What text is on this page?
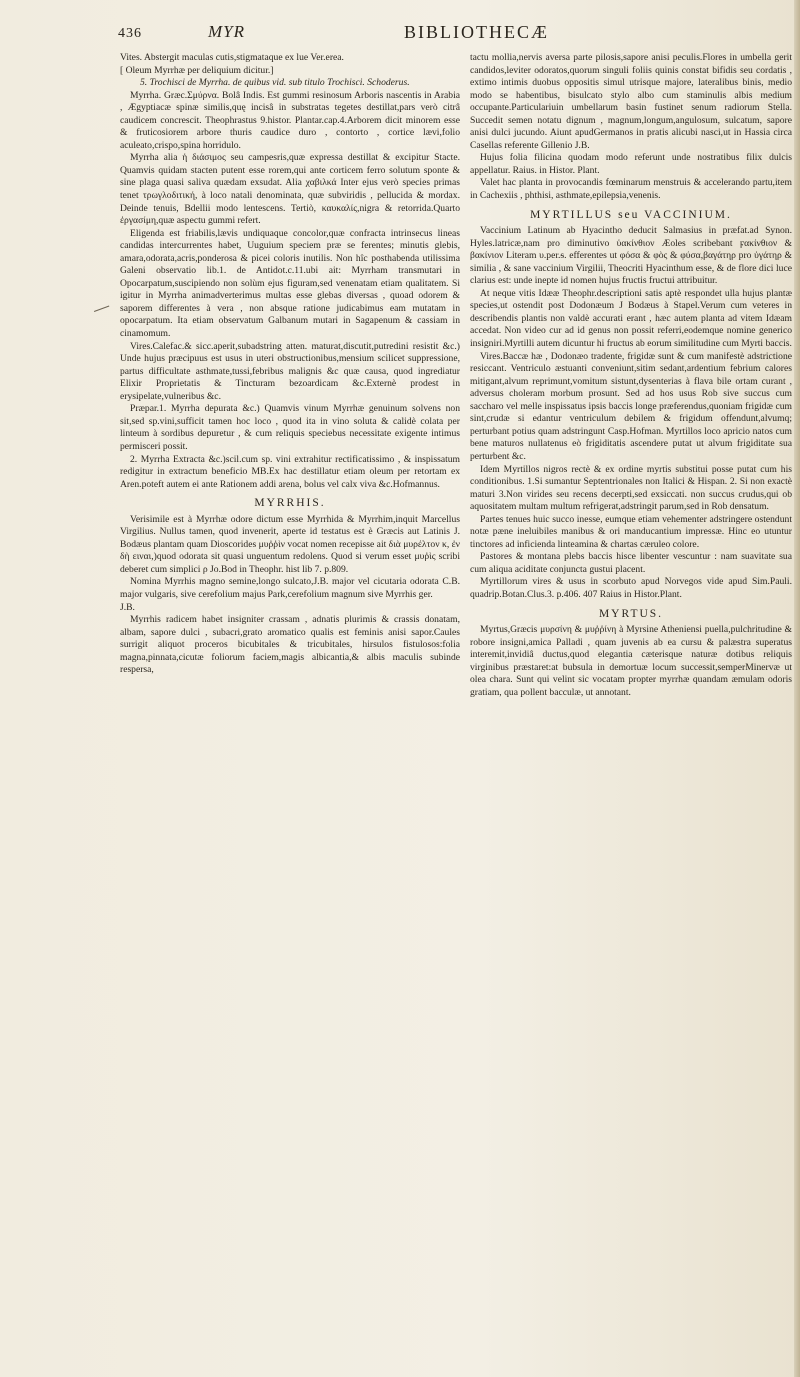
436	MYR	BIBLIOTHECÆ

Vites. Abstergit maculas cutis,stigmataque ex lue Ver.erea.

[ Oleum Myrrhæ per deliquium dicitur.]

5. Trochisci de Myrrha. de quibus vid. sub titulo Trochisci. Schoderus.

Myrrha. Græc.Σμύρνα. Bolâ Indis. Est gummi resinosum Arboris nascentis in Arabia , Ægyptiacæ spinæ similis,quę incisâ in substratas tegetes destillat,pars verò citrâ caudicem concrescit. Theophrastus 9.histor. Plantar.cap.4.Arborem dicit minorem esse & fruticosiorem arbore thuris caudice duro , contorto , cortice lævi,folio aculeato,crispo,spina horridulo.

Myrrha alia ἡ διάσιμος seu campesris,quæ expressa destillat & excipitur Stacte. Quamvis quidam stacten putent esse rorem,qui ante corticem ferro solutum sponte & sine plaga quasi saliva quædam exsudat. Alia χαβιλκά Inter ejus verò species primas tenet τρωγλοδιτική, à loco natali denominata, quæ subviridis , pellucida & mordax. Deinde tenuis, Bdellii modo lentescens. Tertiò, καυκαλίς,nigra & retorrida.Quarto ἐργασίμη,quæ aspectu gummi refert.

Eligenda est friabilis,lævis undiquaque concolor,quæ confracta intrinsecus lineas candidas intercurrentes habet, Uuguium speciem præ se ferentes; minutis glebis, amara,odorata,acris,ponderosa & picei coloris inutilis. Non hîc posthabenda utilissima Galeni observatio lib.1. de Antidot.c.11.ubi ait: Myrrham transmutari in Opocarpatum,suscipiendo non solùm ejus figuram,sed venenatam etiam qualitatem. Si igitur in Myrrha animadverterimus multas esse glebas diversas , quoad odorem & saporem differentes à vera , non absque ratione judicabimus eam mutatam in opocarpatum. Ita etiam observatum Galbanum mutari in Sagapenum & cassiam in cinamomum.

Vires.Calefac.& sicc.aperit,subadstring atten. maturat,discutit,putredini resistit &c.) Unde hujus præcipuus est usus in uteri obstructionibus,mensium scilicet suppressione, partus difficultate asthmate,tussi,febribus malignis &c quæ causa, quod ingrediatur Elixir Proprietatis & Tincturam bezoardicam &c.Externè prodest in erysipelate,vulneribus &c.

Præpar.1. Myrrha depurata &c.) Quamvis vinum Myrrhæ genuinum solvens non sit,sed sp.vini,sufficit tamen hoc loco , quod ita in vino soluta & calidè colata per linteum à sordibus depuretur , & cum reliquis speciebus necessitate exigente intimus permisceri possit.

2. Myrrha Extracta &c.)scil.cum sp. vini extrahitur rectificatissimo , & inspissatum redigitur in extractum beneficio MB.Ex hac destillatur etiam oleum per retortam ex Aren.poteft autem ei ante Rationem addi arena, bolus vel calx viva &c.Hofmannus.

MYRRHIS.

Verisimile est à Myrrhæ odore dictum esse Myrrhida & Myrrhim,inquit Marcellus Virgilius. Nullus tamen, quod invenerit, aperte id testatus est è Græcis aut Latinis J. Bodæus plantam quam Dioscorides μυῤῥὶν vocat nomen recepisse ait διὰ μυρέλτον κ, ἐν δὴ ειναι,)quod odorata sit quasi unguentum redolens. Quod si verum esset μυῤὶς scribi deberet cum simplici ρ Jo.Bod in Theophr. hist lib 7. p.809.

Nomina Myrrhis magno semine,longo sulcato,J.B. major vel cicutaria odorata C.B. major vulgaris, sive cerefolium majus Park,cerefolium magnum sive Myrrhis ger.

J.B.

Myrrhis radicem habet insigniter crassam , adnatis plurimis & crassis donatam, albam, sapore dulci , subacri,grato aromatico qualis est feminis anisi sapor.Caules surrigit aliquot proceros bicubitales & tricubitales, hirsulos fistulosos:folia magna,pinnata,cicutæ foliorum faciem,magis albicantia,& albis maculis subinde respersa,

tactu mollia,nervis aversa parte pilosis,sapore anisi peculis.Flores in umbella gerit candidos,leviter odoratos,quorum singuli foliis quinis constat bifidis seu cordatis , extimo intimis duobus oppositis simul utrisque majore, lateralibus binis, medio modo se habentibus, bisulcato stylo albo cum staminulis albis medium occupante.Particulariuin umbellarum basin fustinet senum radiorum Stella. Succedit semen notatu dignum , magnum,longum,angulosum, sulcatum, sapore anisi dulci jucundo. Aiunt apudGermanos in pratis alicubi nasci,ut in Hassia circa Casellas referente Gillenio J.B.

Hujus folia filicina quodam modo referunt unde nostratibus filix dulcis appellatur. Raius. in Histor. Plant.

Valet hac planta in provocandis fœminarum menstruis & accelerando partu,item in Cachexiis , phthisi, asthmate,epilepsia,venenis.

MYRTILLUS seu VACCINIUM.

Vaccinium Latinum ab Hyacintho deducit Salmasius in præfat.ad Synon. Hyles.latricæ,nam pro diminutivo ὑακίνθιον Æoles scribebant ϝακίνθιον & βακίνιον Literam υ.per.ᵴ. efferentes ut φόσα & φὸς & φύσα,βαγάτηρ pro ὑγάτηρ & similia , & sane vaccinium Virgilii, Theocriti Hyacinthum esse, & de flore dici luce clarius est: unde inepte id nomen hujus fructis fructui attribuitur.

At neque vitis Idææ Theophr.descriptioni satis aptè respondet ulla hujus plantæ species,ut ostendit post Dodonæum J Bodæus à Stapel.Verum cum veteres in describendis plantis non valdè accurati erant , hæc autem planta ad vitem Idæam accedat. Non video cur ad id genus non possit referri,eodemque nomine generico insigniri.Myrtilli autem dicuntur hi fructus ab eorum similitudine cum Myrti baccis.

Vires.Baccæ hæ , Dodonæo tradente, frigidæ sunt & cum manifestè adstrictione resiccant. Ventriculo æstuanti conveniunt,sitim sedant,ardentium febrium calores mitigant,alvum reprimunt,vomitum sistunt,dysenterias à flava bile ortam curant , adversus choleram morbum prosunt. Sed ad hos usus Rob sive succus cum saccharo vel melle inspissatus ipsis baccis longe præferendus,quoniam frigidæ cum sint,crudæ si edantur ventriculum debilem & frigidum offendunt,alvumq; perturbant potius quam adstringunt Casp.Hofman. Myrtillos loco apricio natos cum bene maturos nullatenus eò frigiditatis ascendere putat ut alvum frigiditate sua perturbent &c.

Idem Myrtillos nigros rectè & ex ordine myrtis substitui posse putat cum his conditionibus. 1.Si sumantur Septentrionales non Italici & Hispan. 2. Si non exactè maturi 3.Non virides seu recens decerpti,sed exsiccati. non succus crudus,qui ob aquositatem multam multum refrigerat,adstringit parum,sed in Rob densatum.

Partes tenues huic succo inesse, eumque etiam vehementer adstringere ostendunt notæ pæne ineluibiles manibus & ori manducantium impressæ. Hinc eo utuntur tinctores ad inficienda linteamina & chartas cæruleo colore.

Pastores & montana plebs baccis hisce libenter vescuntur : nam suavitate sua cum aliqua aciditate conjuncta gustui placent.

Myrtillorum vires & usus in scorbuto apud Norvegos vide apud Sim.Pauli. quadrip.Botan.Clus.3. p.406. 407 Raius in Histor.Plant.

MYRTUS.

Myrtus,Græcis μυρσίνη & μυῤῥίνη à Myrsine Atheniensi puella,pulchritudine & robore insigni,amica Palladi , quam juvenis ab ea cursu & palæstra superatus interemit,invidiâ ductus,quod elegantia cæterisque naturæ dotibus reliquis virginibus præstaret:at bubsula in demortuæ locum successit,semperMinervæ ut olea chara. Sunt qui velint sic vocatam propter myrrhæ quandam æmulam odoris gratiam, qua pollent bacculæ, ut annotant.
